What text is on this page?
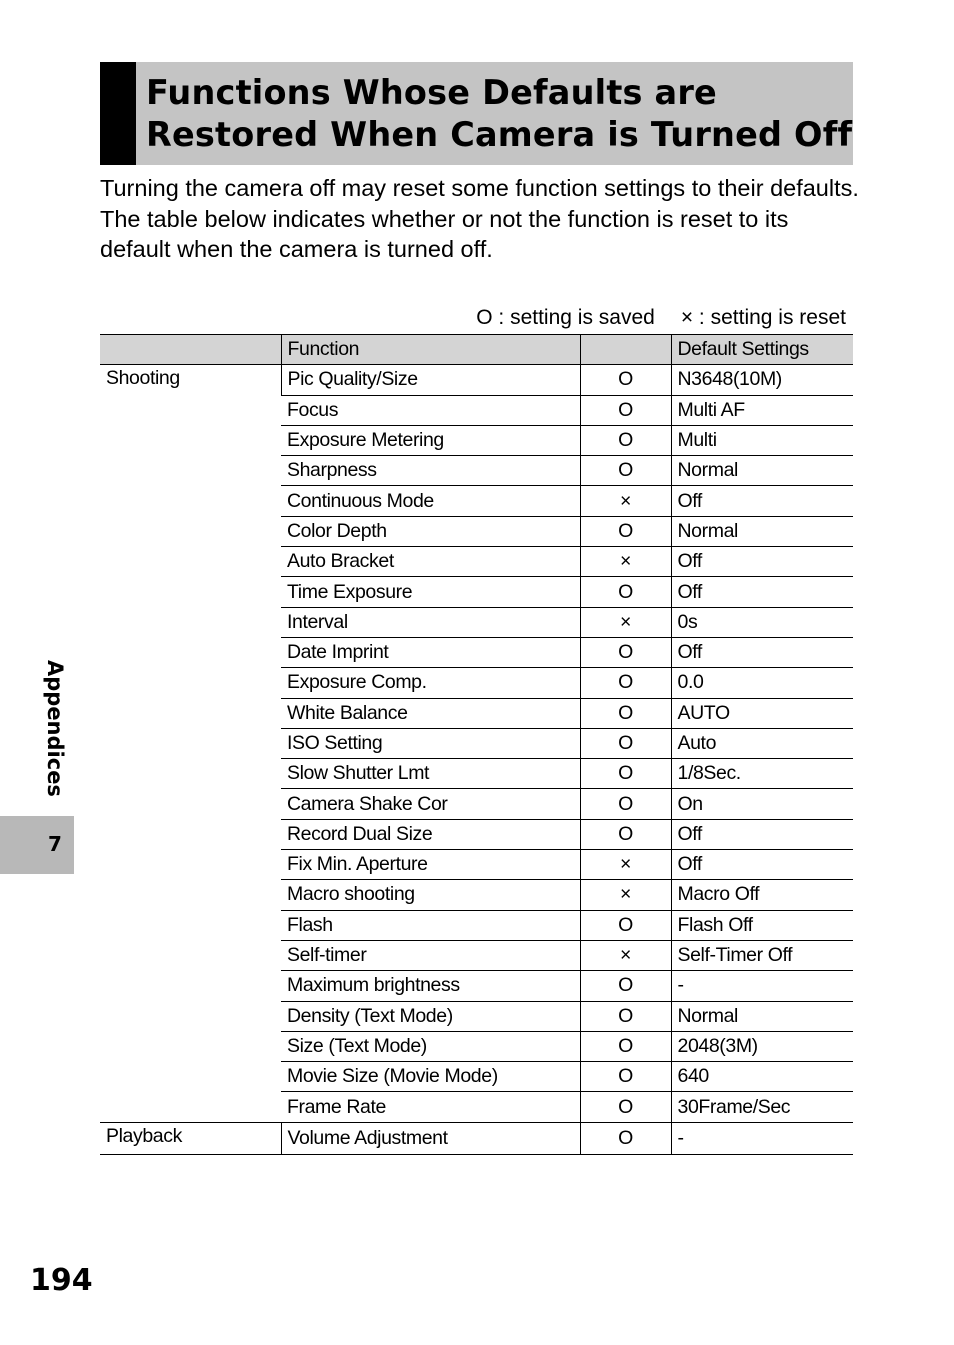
Functions Whose Defaults are
Restored When Camera is Turned Off

Turning the camera off may reset some function settings to their defaults.

The table below indicates whether or not the function is reset to its default when the camera is turned off.

O : setting is saved × : setting is reset
	Function		Default Settings
Shooting	Pic Quality/Size	O	N3648(10M)
	Focus	O	Multi AF
	Exposure Metering	O	Multi
	Sharpness	O	Normal
	Continuous Mode	×	Off
	Color Depth	O	Normal
	Auto Bracket	×	Off
	Time Exposure	O	Off
	Interval	×	0s
	Date Imprint	O	Off
	Exposure Comp.	O	0.0
	White Balance	O	AUTO
	ISO Setting	O	Auto
	Slow Shutter Lmt	O	1/8Sec.
	Camera Shake Cor	O	On
	Record Dual Size	O	Off
	Fix Min. Aperture	×	Off
	Macro shooting	×	Macro Off
	Flash	O	Flash Off
	Self-timer	×	Self-Timer Off
	Maximum brightness	O	-
	Density (Text Mode)	O	Normal
	Size (Text Mode)	O	2048(3M)
	Movie Size (Movie Mode)	O	640
	Frame Rate	O	30Frame/Sec
Playback	Volume Adjustment	O	-
Appendices
7
194
